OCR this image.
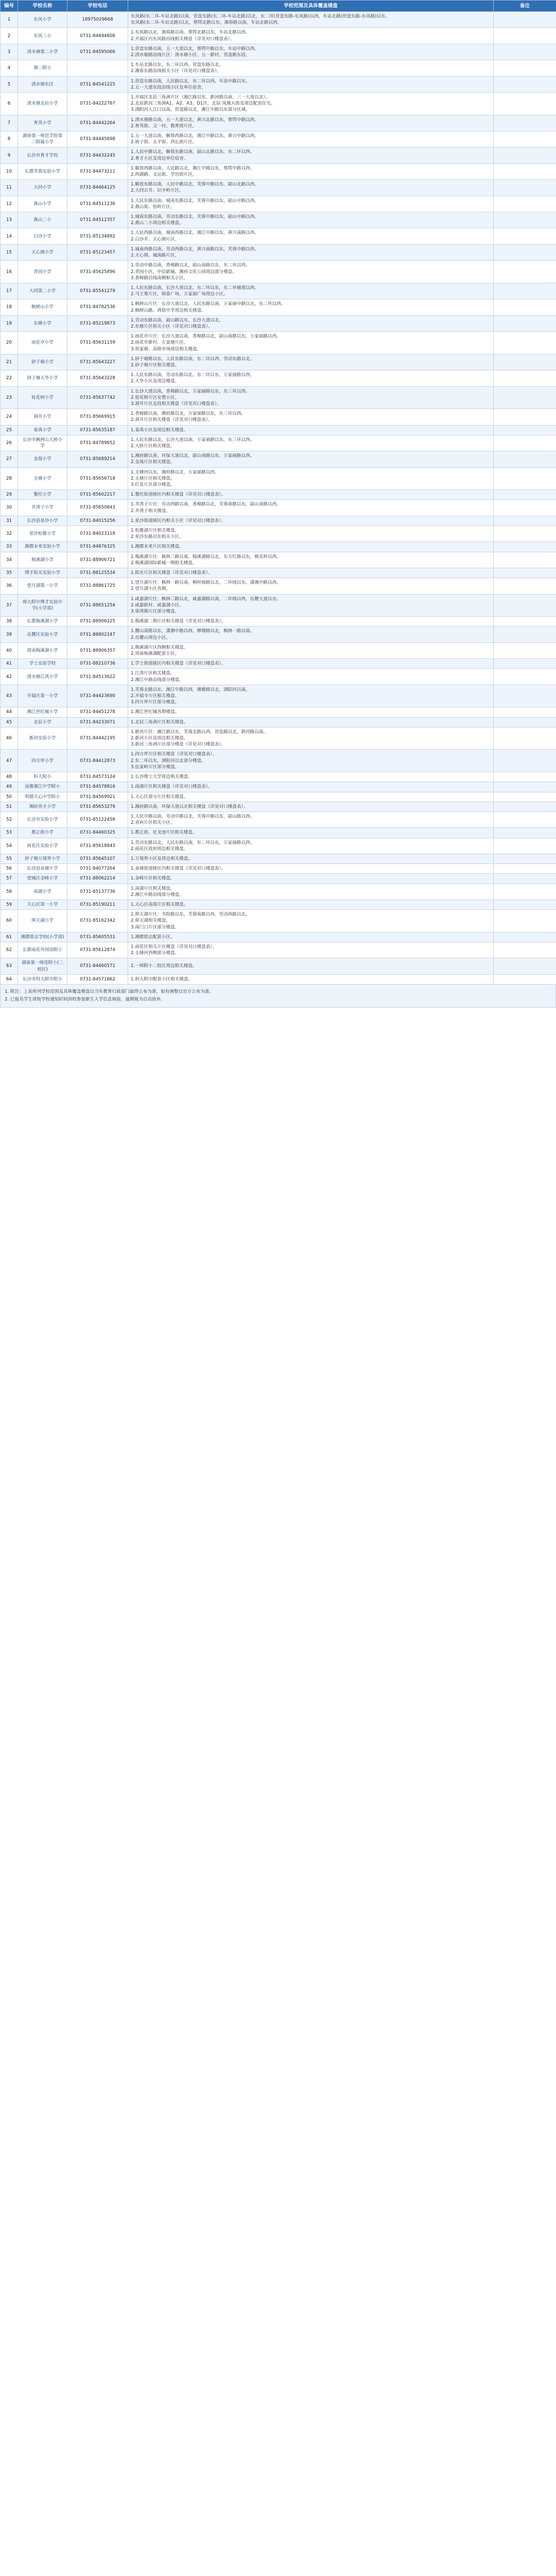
编号	学校名称	学校电话	学校范围及具体覆盖楼盘	备注
1	东风小学	18975029668	东风路(东二环-车站北路)以南，营盘东路(东二环-车站北路)以北，东二环(营盘东路-东风路)以西，车站北路(营盘东路-东风路)以东。

东风路(东二环-车站北路)以北，蔡锷北路以东，湘春路以南，车站北路以西。	

2	东风二小	0731-84494606	1.东风路以北，湘春路以南，蔡锷北路以东，车站北路以西。

2.开福区内东风路沿线相关楼盘（详见对口楼盘表）。	

3	清水塘第二小学	0731-84595066	1.营盘东路以南，五一大道以北，蔡锷中路以东，车站中路以西。

2.清水塘路沿线片区：清水塘小区、五一新村、营盘路东段。	

4	湘二附小		1.车站北路以东，东二环以西，营盘东路以北。

2.湘春东路沿线相关小区（详见对口楼盘表）。	

5	清水塘东区	0731-84541225	1.营盘东路以南，人民路以北，东二环以西，车站中路以东。

2.五一大道东段沿线小区及单位宿舍。	

6	清水塘北辰小学	0731-84222767	1.开福区北辰三角洲片区（湘江路以东，新河路以南，三一大道以北）。

2.北辰新河三角洲A1、A2、A3、D1区，北辰·凤凰天街及周边配套住宅。

3.浏阳河入江口以南，营盘路以北，湘江中路以东部分区域。	

7	育英小学	0731-84442264	1.清水塘路以南，五一大道以北，黄兴北路以东，蔡锷中路以西。

2.育英街、又一村、教育街片区。	

8	湖南第一师范学院第二附属小学	0731-84445698	1.五一大道以南，解放西路以北，湘江中路以东，黄兴中路以西。

2.坡子街、太平街、西长街片区。	

9	长沙市育才学校	0731-84432245	1.人民中路以北，解放东路以南，韶山北路以东，东二环以西。

2.育才小区及周边单位宿舍。	

10	长郡芙蓉实验小学	0731-84473211	1.解放西路以南，人民路以北，湘江中路以东，蔡锷中路以西。

2.西湖路、文运街、学宫街片区。	

11	大同小学	0731-84464125	1.解放东路以南，人民中路以北，芙蓉中路以东，韶山北路以西。

2.大同古井、识字岭片区。	

12	燕山小学	0731-84511236	1.人民东路以南，城南东路以北，芙蓉中路以东，韶山中路以西。

2.燕山街、窑岭片区。	

13	燕山二小	0731-84512357	1.城南东路以南，劳动东路以北，芙蓉中路以东，韶山中路以西。

2.燕山二小周边相关楼盘。	

14	白沙小学	0731-85134892	1.人民西路以南，城南西路以北，湘江中路以东，黄兴南路以西。

2.白沙井、天心阁片区。	

15	天心阁小学	0731-85123457	1.城南西路以南，劳动西路以北，黄兴南路以东，芙蓉中路以西。

2.天心阁、城南路片区。	

16	青园小学	0731-85625896	1.劳动中路以南，香樟路以北，韶山南路以东，东二环以西。

2.青园小区、中信新城、湘府文化公园周边部分楼盘。

3.香樟路沿线南侧相关小区。	

17	大同第二小学	0731-85541279	1.人民东路以南，长沙大道以北，东二环以东，东二环辅道以西。

2.马王堆片区，锦泰广场、万家丽广场周边小区。	

18	枫树山小学	0731-84782536	1.枫树山片区：长沙大道以北，人民东路以南，万家丽中路以东，东二环以西。

2.枫树山路、鸿铭中学周边相关楼盘。	

19	东塘小学	0731-85219873	1.劳动东路以南，韶山路以东，长沙大道以北。

2.东塘片区相关小区（详见对口楼盘表）。	

20	雨花亭小学	0731-85631159	1.雨花亭片区：长沙大道以南，香樟路以北，韶山南路以东，万家丽路以西。

2.雨花亭新村、左家塘片区。

3.侯家塘、高桥市场周边相关楼盘。	

21	砂子塘小学	0731-85643227	1.砂子塘路以东，人民东路以南，东二环以西，劳动东路以北。

2.砂子塘片区相关楼盘。	

22	砂子塘天华小学	0731-85643228	1.人民东路以南，劳动东路以北，东二环以东，万家丽路以西。

2.天华小区及周边楼盘。	

23	桂花树小学	0731-85637742	1.长沙大道以南，香樟路以北，万家丽路以东，东三环以西。

2.桂花树片区安置小区。

3.洞井片区北段相关楼盘（详见对口楼盘表）。	

24	洞井小学	0731-85669915	1.香樟路以南，湘府路以北，万家丽路以东，东三环以西。

2.洞井片区相关楼盘（详见对口楼盘表）。	

25	泰禹小学	0731-85635187	1.泰禹小区及周边相关楼盘。	

26	长沙市枫树山大桥小学	0731-84789652	1.人民东路以北，长沙大道以南，万家丽路以东，东三环以西。

2.大桥片区相关楼盘。	

27	金海小学	0731-85689214	1.湘府路以南，环保大道以北，韶山南路以东，万家丽路以西。

2.金海片区相关楼盘。	

28	圭塘小学	0731-85656718	1.圭塘河以东，湘府路以北，万家丽路以西。

2.圭塘片区相关楼盘。

3.红星片区部分楼盘。	

29	黎托小学	0731-85602217	1.黎托街道辖区内相关楼盘（详见对口楼盘表）。	

30	井湾子小学	0731-85650843	1.井湾子片区：劳动西路以南，香樟路以北，芙蓉南路以东，韶山南路以西。

2.井湾子相关楼盘。	

31	长沙县星沙小学	0731-84015256	1.星沙街道辖区内相关小区（详见对口楼盘表）。	

32	星沙松雅小学	0731-84023118	1.松雅湖片区相关楼盘。

2.星沙东路以东相关小区。	

33	湘郡未来实验小学	0731-84876325	1.湘郡未来片区相关楼盘。	

34	梅溪湖小学	0731-88906721	1.梅溪湖片区：枫林三路以南，梅溪湖路以北，东方红路以东，桃花岭以西。

2.梅溪湖国际新城一期相关楼盘。	

35	博才阳光实验小学	0731-88125534	1.阳光片区相关楼盘（详见对口楼盘表）。	

36	望月湖第一小学	0731-88861725	1.望月湖片区：枫林一路以南，桐梓坡路以北，二环线以东，潇湘中路以西。

2.望月湖小区各期。	

37	师大附中博才实验中学(小学部)	0731-88651254	1.咸嘉湖片区：枫林三路以北，咸嘉湖路以南，二环线以西，岳麓大道以东。

2.咸嘉新村、咸嘉湖小区。

3.荣湾镇片区部分楼盘。	

38	长郡梅溪湖小学	0731-88906225	1.梅溪湖二期片区相关楼盘（详见对口楼盘表）。	

39	岳麓区实验小学	0731-88802147	1.麓山南路以东，潇湘中路以西，牌楼路以北，枫林一路以南。

2.岳麓山周边小区。	

40	周南梅溪湖小学	0731-88906357	1.梅溪湖片区西侧相关楼盘。

2.周南梅溪湖配套小区。	

41	学士实验学校	0731-88210736	1.学士街道辖区内相关楼盘（详见对口楼盘表）。	

42	清水塘江湾小学	0731-84513622	1.江湾片区相关楼盘。

2.湘江中路沿线部分楼盘。	

43	开福区第一小学	0731-84423690	1.芙蓉北路以东，湘江中路以西，湘雅路以北，浏阳河以南。

2.开福寺片区相关楼盘。

3.四方坪片区部分楼盘。	

44	湘江世纪城小学	0731-84451278	1.湘江世纪城各期楼盘。	

45	北辰小学	0731-84233071	1.北辰三角洲片区相关楼盘。	

46	新河实验小学	0731-84442195	1.新河片区：湘江路以东，芙蓉北路以西，营盘路以北，新河路以南。

2.新河小区及周边相关楼盘。

3.新河三角洲片区部分楼盘（详见对口楼盘表）。	

47	四方坪小学	0731-84412873	1.四方坪片区相关楼盘（详见对口楼盘表）。

2.东二环以东，浏阳河以北部分楼盘。

3.伍家岭片区部分楼盘。	

48	科大附小	0731-84573124	1.长沙理工大学周边相关楼盘。	

49	南雅湘江中学附小	0731-84578816	1.南湖片区相关楼盘（详见对口楼盘表）。	

50	明德天心中学附小	0731-84569921	1.天心区部分片区相关楼盘。	

51	湘府英才小学	0731-85653279	1.湘府路以南，环保大道以北相关楼盘（详见对口楼盘表）。	

52	长沙市实验小学	0731-85122458	1.人民中路以南，劳动中路以北，芙蓉中路以东，韶山路以西。

2.省府片区相关小区。	

53	都正街小学	0731-84460325	1.都正街、化龙池片区相关楼盘。	

54	雨花区实验小学	0731-85618843	1.劳动东路以北，人民东路以南，东二环以东，万家丽路以西。

2.雨花区政府周边相关楼盘。	

55	砂子塘万境界小学	0731-85645107	1.万境界小区及周边相关楼盘。	

56	长沙县泉塘小学	0731-84077264	1.泉塘街道辖区内相关楼盘（详见对口楼盘表）。	

57	望城区金峰小学	0731-88062214	1.金峰片区相关楼盘。	

58	南湖小学	0731-85137736	1.南湖片区相关楼盘。

2.湘江中路沿线部分楼盘。	

59	天心区第一小学	0731-85190211	1.天心区南部片区相关楼盘。	

60	仰天湖小学	0731-85162342	1.仰天湖片区：书院路以东，芙蓉南路以西，劳动西路以北。

2.仰天湖相关楼盘。

3.南门口片区部分楼盘。	

61	湘郡铭志学校(小学部)	0731-85605531	1.湘郡铭志配套小区。	

62	长郡雨花外国语附小	0731-85612874	1.雨花区相关片区楼盘（详见对口楼盘表）。

2.圭塘河西侧部分楼盘。	

63	湖南第一师范附小(二校区)	0731-84460571	1.一师附小二校区周边相关楼盘。	

64	长沙市科大附中附小	0731-84571662	1.科大附中配套小区相关楼盘。	

1. 附注：上表所列学校范围及具体覆盖楼盘以当年教育行政部门最终公布为准，如有调整以官方公布为准。

2. 已报名学生请按学校通知时间到校参加新生入学信息核验，逾期视为自动放弃。
